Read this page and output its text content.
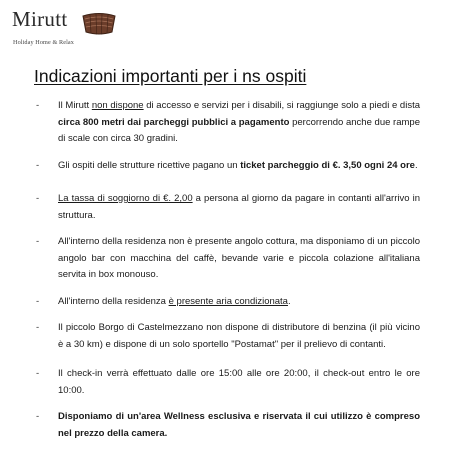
Mirutt
Holiday Home & Relax
Indicazioni importanti per i ns ospiti
- Il Mirutt non dispone di accesso e servizi per i disabili, si raggiunge solo a piedi e dista circa 800 metri dai parcheggi pubblici a pagamento percorrendo anche due rampe di scale con circa 30 gradini.
- Gli ospiti delle strutture ricettive pagano un ticket parcheggio di €. 3,50 ogni 24 ore.
- La tassa di soggiorno di €. 2,00 a persona al giorno da pagare in contanti all'arrivo in struttura.
- All'interno della residenza non è presente angolo cottura, ma disponiamo di un piccolo angolo bar con macchina del caffè, bevande varie e piccola colazione all'italiana servita in box monouso.
- All'interno della residenza è presente aria condizionata.
- Il piccolo Borgo di Castelmezzano non dispone di distributore di benzina (il più vicino è a 30 km) e dispone di un solo sportello "Postamat" per il prelievo di contanti.
- Il check-in verrà effettuato dalle ore 15:00 alle ore 20:00, il check-out entro le ore 10:00.
- Disponiamo di un'area Wellness esclusiva e riservata il cui utilizzo è compreso nel prezzo della camera.
